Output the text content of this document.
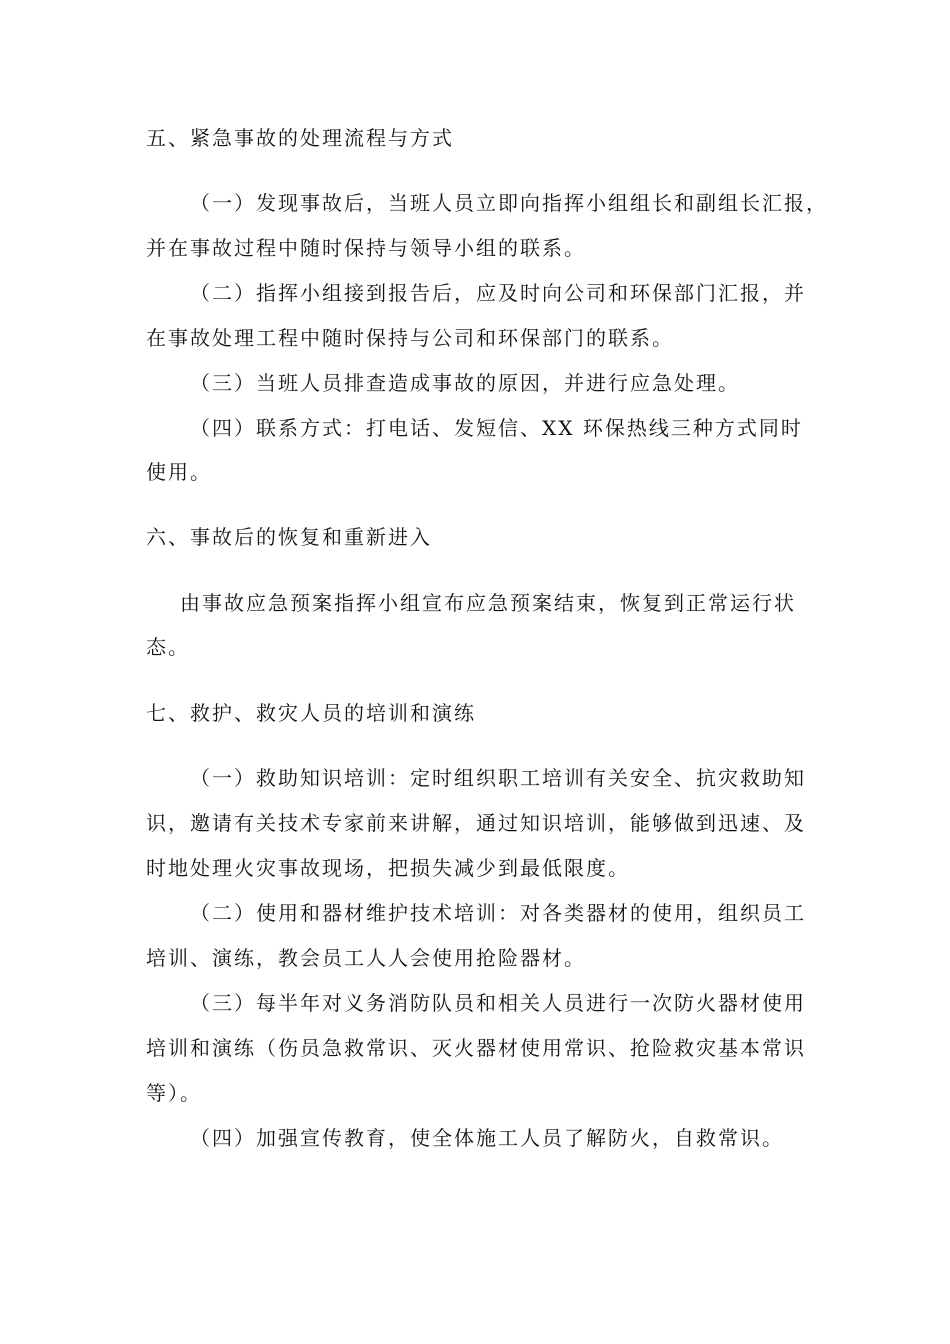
五、紧急事故的处理流程与方式
（一）发现事故后，当班人员立即向指挥小组组长和副组长汇报，
并在事故过程中随时保持与领导小组的联系。
（二）指挥小组接到报告后，应及时向公司和环保部门汇报，并
在事故处理工程中随时保持与公司和环保部门的联系。
（三）当班人员排查造成事故的原因，并进行应急处理。
（四）联系方式：打电话、发短信、XX 环保热线三种方式同时
使用。
六、事故后的恢复和重新进入
由事故应急预案指挥小组宣布应急预案结束，恢复到正常运行状
态。
七、救护、救灾人员的培训和演练
（一）救助知识培训：定时组织职工培训有关安全、抗灾救助知
识，邀请有关技术专家前来讲解，通过知识培训，能够做到迅速、及
时地处理火灾事故现场，把损失减少到最低限度。
（二）使用和器材维护技术培训：对各类器材的使用，组织员工
培训、演练，教会员工人人会使用抢险器材。
（三）每半年对义务消防队员和相关人员进行一次防火器材使用
培训和演练（伤员急救常识、灭火器材使用常识、抢险救灾基本常识
等）。
（四）加强宣传教育，使全体施工人员了解防火，自救常识。
